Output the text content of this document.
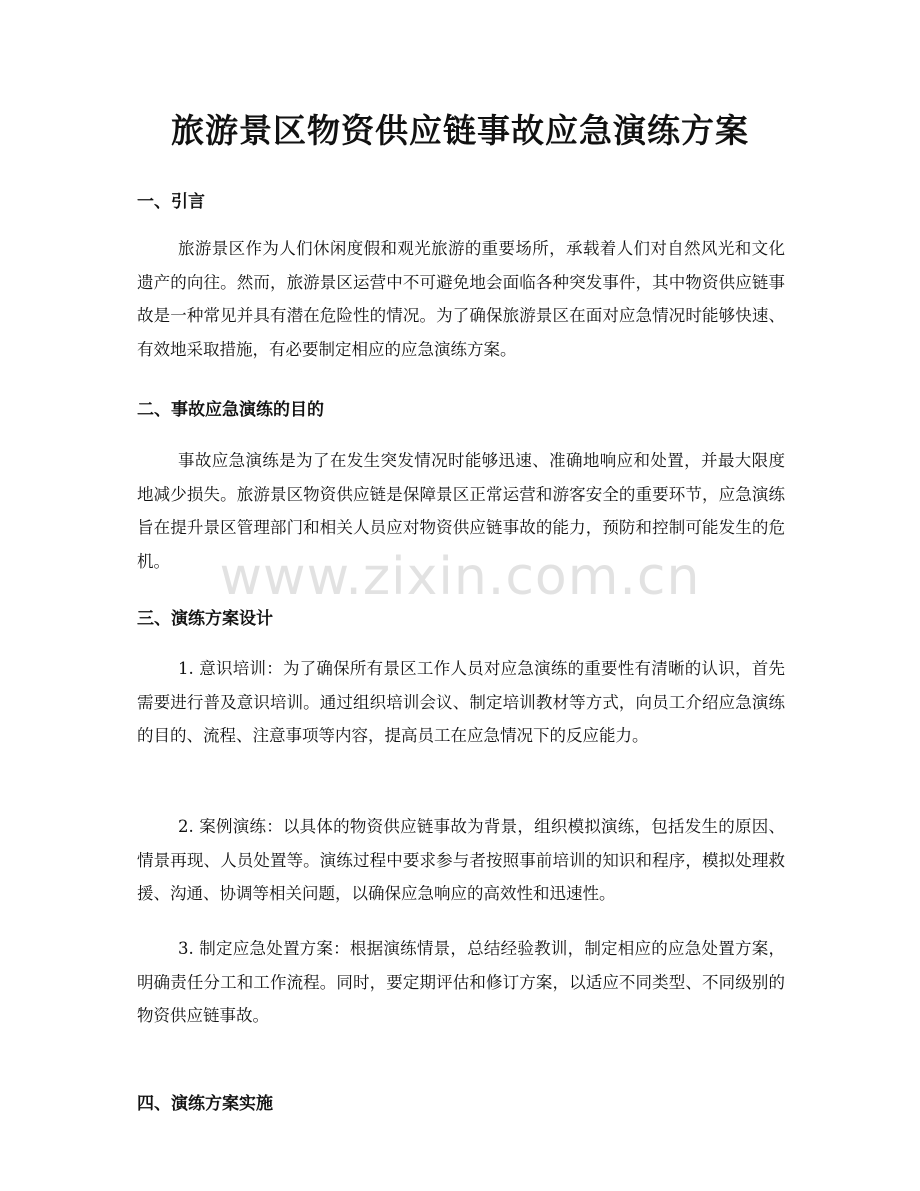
旅游景区物资供应链事故应急演练方案
一、引言

旅游景区作为人们休闲度假和观光旅游的重要场所，承载着人们对自然风光和文化遗产的向往。然而，旅游景区运营中不可避免地会面临各种突发事件，其中物资供应链事故是一种常见并具有潜在危险性的情况。为了确保旅游景区在面对应急情况时能够快速、有效地采取措施，有必要制定相应的应急演练方案。

二、事故应急演练的目的

事故应急演练是为了在发生突发情况时能够迅速、准确地响应和处置，并最大限度地减少损失。旅游景区物资供应链是保障景区正常运营和游客安全的重要环节，应急演练旨在提升景区管理部门和相关人员应对物资供应链事故的能力，预防和控制可能发生的危机。

三、演练方案设计

1. 意识培训：为了确保所有景区工作人员对应急演练的重要性有清晰的认识，首先需要进行普及意识培训。通过组织培训会议、制定培训教材等方式，向员工介绍应急演练的目的、流程、注意事项等内容，提高员工在应急情况下的反应能力。

2. 案例演练：以具体的物资供应链事故为背景，组织模拟演练，包括发生的原因、情景再现、人员处置等。演练过程中要求参与者按照事前培训的知识和程序，模拟处理救援、沟通、协调等相关问题，以确保应急响应的高效性和迅速性。

3. 制定应急处置方案：根据演练情景，总结经验教训，制定相应的应急处置方案，明确责任分工和工作流程。同时，要定期评估和修订方案，以适应不同类型、不同级别的物资供应链事故。

四、演练方案实施
www.zixin.com.cn
